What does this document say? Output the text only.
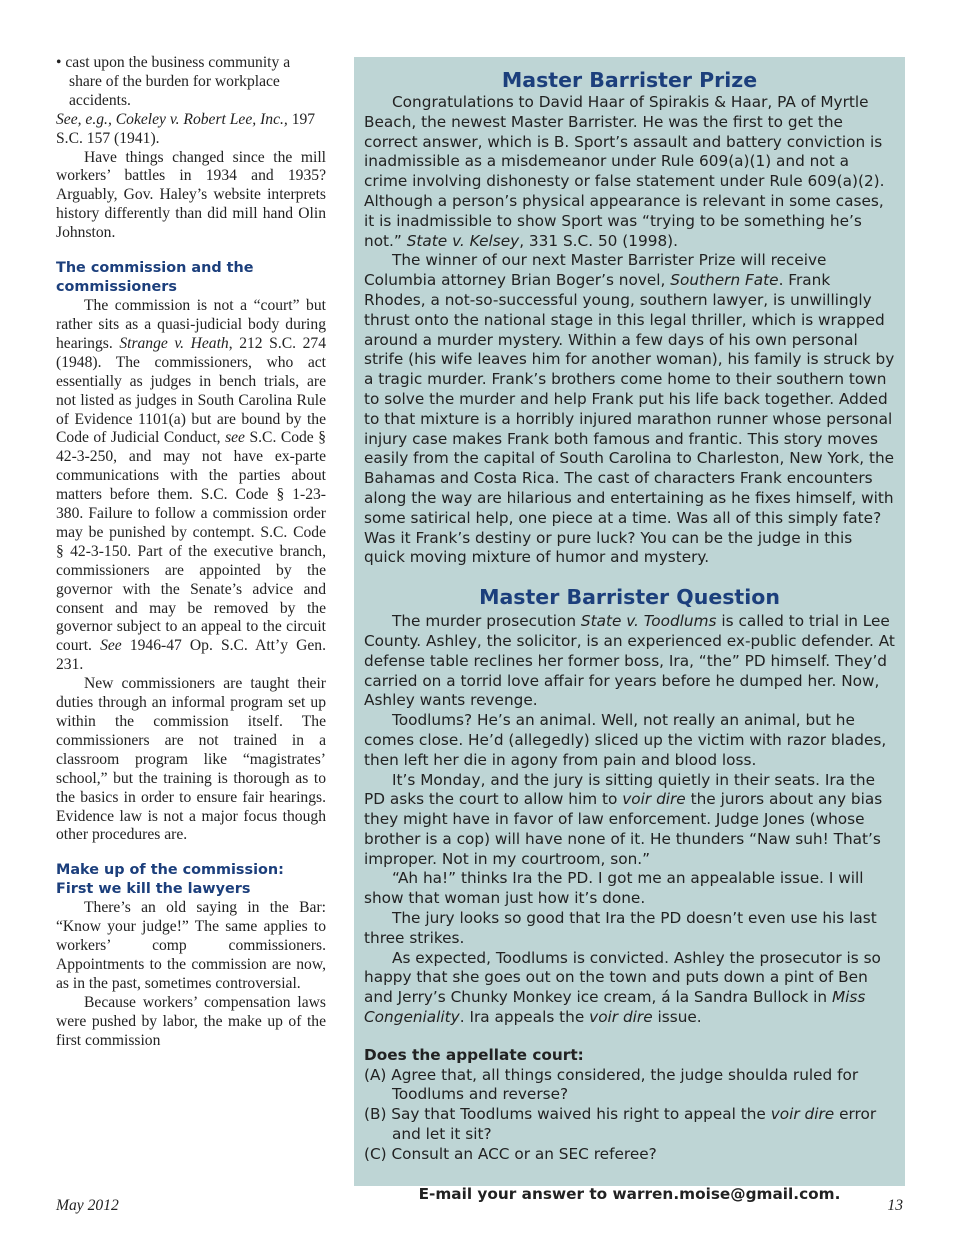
• cast upon the business community a share of the burden for workplace accidents.

See, e.g., Cokeley v. Robert Lee, Inc., 197 S.C. 157 (1941).

Have things changed since the mill workers’ battles in 1934 and 1935? Arguably, Gov. Haley’s website interprets history differently than did mill hand Olin Johnston.

The commission and the commissioners

The commission is not a “court” but rather sits as a quasi-judicial body during hearings. Strange v. Heath, 212 S.C. 274 (1948). The commissioners, who act essentially as judges in bench trials, are not listed as judges in South Carolina Rule of Evidence 1101(a) but are bound by the Code of Judicial Conduct, see S.C. Code § 42-3-250, and may not have ex-parte communications with the parties about matters before them. S.C. Code § 1-23-380. Failure to follow a commission order may be punished by contempt. S.C. Code § 42-3-150. Part of the executive branch, commissioners are appointed by the governor with the Senate’s advice and consent and may be removed by the governor subject to an appeal to the circuit court. See 1946-47 Op. S.C. Att’y Gen. 231.

New commissioners are taught their duties through an informal program set up within the commission itself. The commissioners are not trained in a classroom program like “magistrates’ school,” but the training is thorough as to the basics in order to ensure fair hearings. Evidence law is not a major focus though other procedures are.

Make up of the commission: First we kill the lawyers

There’s an old saying in the Bar: “Know your judge!” The same applies to workers’ comp commissioners. Appointments to the commission are now, as in the past, sometimes controversial.

Because workers’ compensation laws were pushed by labor, the make up of the first commission

Master Barrister Prize

Congratulations to David Haar of Spirakis & Haar, PA of Myrtle Beach, the newest Master Barrister. He was the first to get the correct answer, which is B. Sport’s assault and battery conviction is inadmissible as a misdemeanor under Rule 609(a)(1) and not a crime involving dishonesty or false statement under Rule 609(a)(2). Although a person’s physical appearance is relevant in some cases, it is inadmissible to show Sport was “trying to be something he’s not.” State v. Kelsey, 331 S.C. 50 (1998).

The winner of our next Master Barrister Prize will receive Columbia attorney Brian Boger’s novel, Southern Fate. Frank Rhodes, a not-so-successful young, southern lawyer, is unwillingly thrust onto the national stage in this legal thriller, which is wrapped around a murder mystery. Within a few days of his own personal strife (his wife leaves him for another woman), his family is struck by a tragic murder. Frank’s brothers come home to their southern town to solve the murder and help Frank put his life back together. Added to that mixture is a horribly injured marathon runner whose personal injury case makes Frank both famous and frantic. This story moves easily from the capital of South Carolina to Charleston, New York, the Bahamas and Costa Rica. The cast of characters Frank encounters along the way are hilarious and entertaining as he fixes himself, with some satirical help, one piece at a time. Was all of this simply fate? Was it Frank’s destiny or pure luck? You can be the judge in this quick moving mixture of humor and mystery.

Master Barrister Question

The murder prosecution State v. Toodlums is called to trial in Lee County. Ashley, the solicitor, is an experienced ex-public defender. At defense table reclines her former boss, Ira, “the” PD himself. They’d carried on a torrid love affair for years before he dumped her. Now, Ashley wants revenge.

Toodlums? He’s an animal. Well, not really an animal, but he comes close. He’d (allegedly) sliced up the victim with razor blades, then left her die in agony from pain and blood loss.

It’s Monday, and the jury is sitting quietly in their seats. Ira the PD asks the court to allow him to voir dire the jurors about any bias they might have in favor of law enforcement. Judge Jones (whose brother is a cop) will have none of it. He thunders “Naw suh! That’s improper. Not in my courtroom, son.”

“Ah ha!” thinks Ira the PD. I got me an appealable issue. I will show that woman just how it’s done.

The jury looks so good that Ira the PD doesn’t even use his last three strikes.

As expected, Toodlums is convicted. Ashley the prosecutor is so happy that she goes out on the town and puts down a pint of Ben and Jerry’s Chunky Monkey ice cream, á la Sandra Bullock in Miss Congeniality. Ira appeals the voir dire issue.

Does the appellate court:

(A) Agree that, all things considered, the judge shoulda ruled for Toodlums and reverse?

(B) Say that Toodlums waived his right to appeal the voir dire error and let it sit?

(C) Consult an ACC or an SEC referee?

E-mail your answer to warren.moise@gmail.com.

May 2012	13
